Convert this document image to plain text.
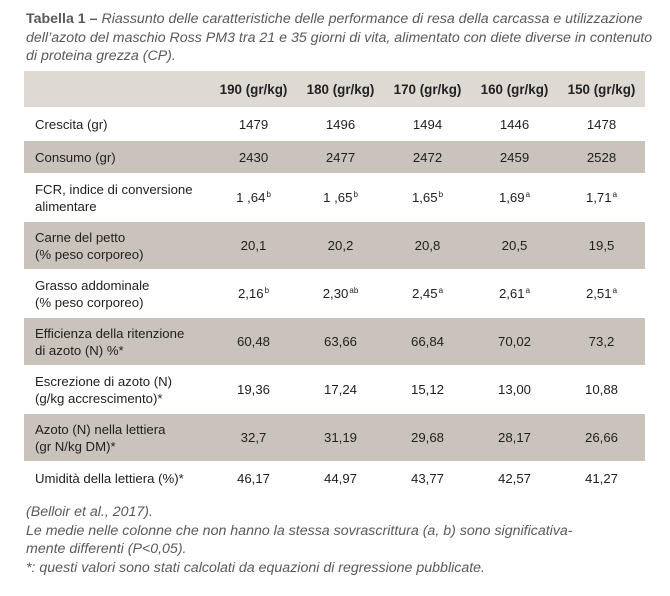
Tabella 1 – Riassunto delle caratteristiche delle performance di resa della carcassa e utilizzazione dell’azoto del maschio Ross PM3 tra 21 e 35 giorni di vita, alimentato con diete diverse in contenuto di proteina grezza (CP).
	190 (gr/kg)	180 (gr/kg)	170 (gr/kg)	160 (gr/kg)	150 (gr/kg)
Crescita (gr)	1479	1496	1494	1446	1478
Consumo (gr)	2430	2477	2472	2459	2528
FCR, indice di conversione
alimentare	1 ,64$^b$	1 ,65$^b$	1,65$^b$	1,69$^a$	1,71$^a$
Carne del petto
(% peso corporeo)	20,1	20,2	20,8	20,5	19,5
Grasso addominale
(% peso corporeo)	2,16$^b$	2,30$^{ab}$	2,45$^a$	2,61$^a$	2,51$^a$
Efficienza della ritenzione
di azoto (N) %*	60,48	63,66	66,84	70,02	73,2
Escrezione di azoto (N)
(g/kg accrescimento)*	19,36	17,24	15,12	13,00	10,88
Azoto (N) nella lettiera
(gr N/kg DM)*	32,7	31,19	29,68	28,17	26,66
Umidità della lettiera (%)*	46,17	44,97	43,77	42,57	41,27
(Belloir et al., 2017).
Le medie nelle colonne che non hanno la stessa sovrascrittura (a, b) sono significativa-
mente differenti (P<0,05).
*: questi valori sono stati calcolati da equazioni di regressione pubblicate.
